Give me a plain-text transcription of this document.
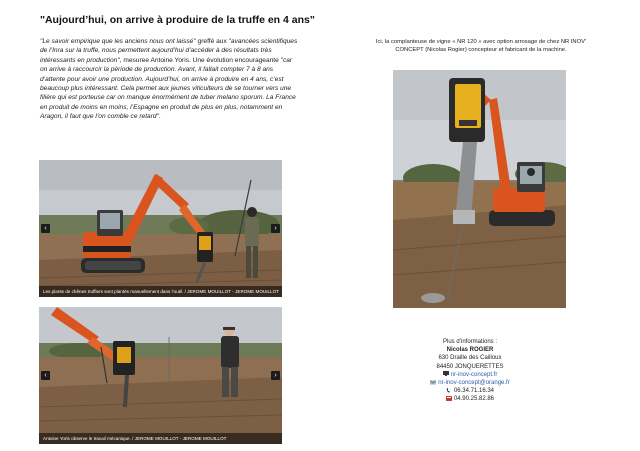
"Aujourd’hui, on arrive à produire de la truffe en 4 ans"
"Le savoir empirique que les anciens nous ont laissé" greffé aux "avancées scientifiques de l’Inra sur la truffe, nous permettent aujourd’hui d’accéder à des résultats très intéressants en production", mesuree Antoine Yoris. Une évolution encourageante "car on arrive à raccourcir la période de production. Avant, il fallait compter 7 à 8 ans d’attente pour avoir une production. Aujourd’hui, on arrive à produire en 4 ans, c’est beaucoup plus intéressant. Cela permet aux jeunes viticulteurs de se tourner vers une filière qui est porteuse car on manque énormément de tuber melano sporum. La France en produit de moins en moins, l’Espagne en produit de plus en plus, notamment en Aragon, il faut que l’on comble ce retard".
‹	›
Les plants de chênes truffiers sont plantés manuellement dans l’outil. / JEROME MOUILLOT - JEROME MOUILLOT
‹	›
Antoine Yoris observe le travail mécanique. / JEROME MOUILLOT - JEROME MOUILLOT
Ici, la complanteuse de vigne « NR 120 » avec option arrosage de chez NR INOV'
CONCEPT (Nicolas Rogier) concepteur et fabricant de la machine.
Plus d’informations :
Nicolas ROGIER
630 Draille des Cailloux
84450 JONQUERETTES
nr-inov-concept.fr
nr-inov-concept@orange.fr
06.34.71.16.34
04.90.25.82.86
